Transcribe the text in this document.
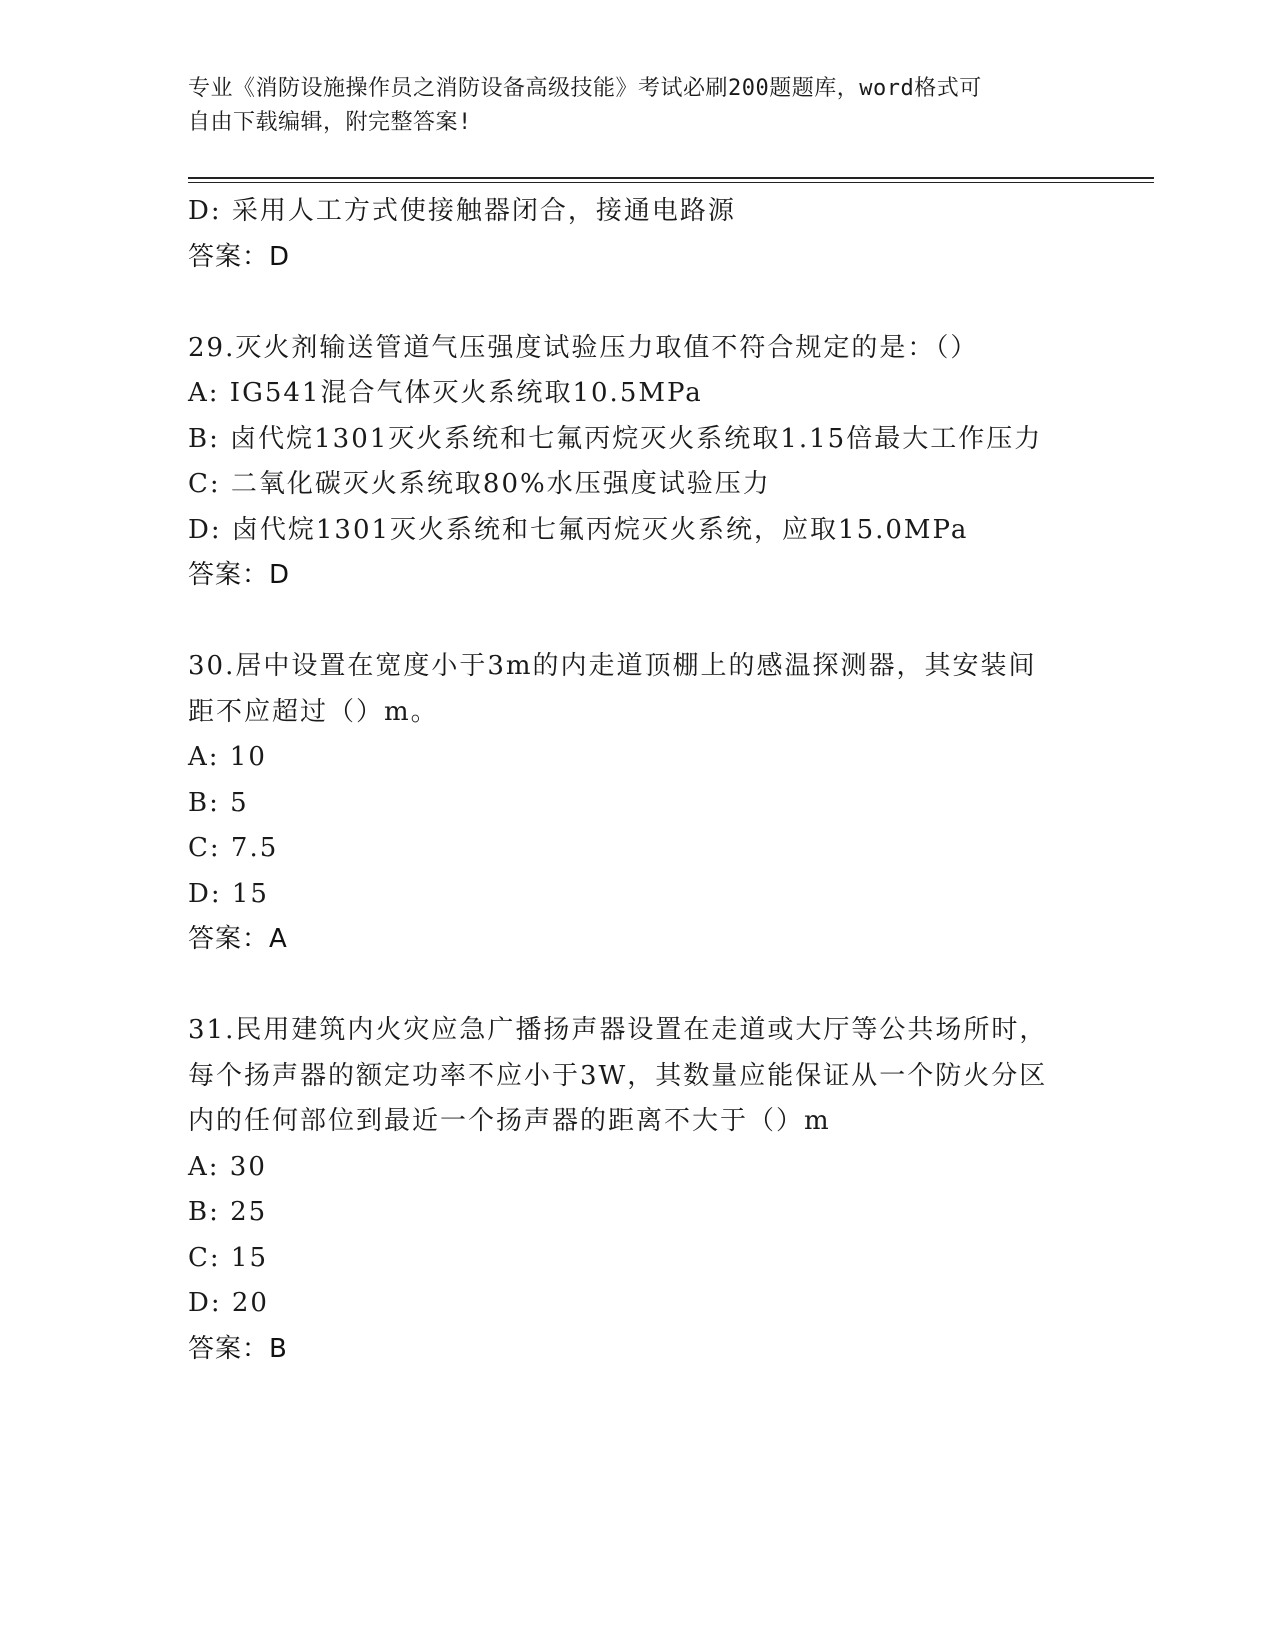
专业《消防设施操作员之消防设备高级技能》考试必刷200题题库，word格式可
自由下载编辑，附完整答案!
D: 采用人工方式使接触器闭合，接通电路源
答案：D
29.灭火剂输送管道气压强度试验压力取值不符合规定的是：（）
A: IG541混合气体灭火系统取10.5MPa
B: 卤代烷1301灭火系统和七氟丙烷灭火系统取1.15倍最大工作压力
C: 二氧化碳灭火系统取80%水压强度试验压力
D: 卤代烷1301灭火系统和七氟丙烷灭火系统，应取15.0MPa
答案：D
30.居中设置在宽度小于3m的内走道顶棚上的感温探测器，其安装间
距不应超过（）m。
A: 10
B: 5
C: 7.5
D: 15
答案：A
31.民用建筑内火灾应急广播扬声器设置在走道或大厅等公共场所时，
每个扬声器的额定功率不应小于3W，其数量应能保证从一个防火分区
内的任何部位到最近一个扬声器的距离不大于（）m
A: 30
B: 25
C: 15
D: 20
答案：B
